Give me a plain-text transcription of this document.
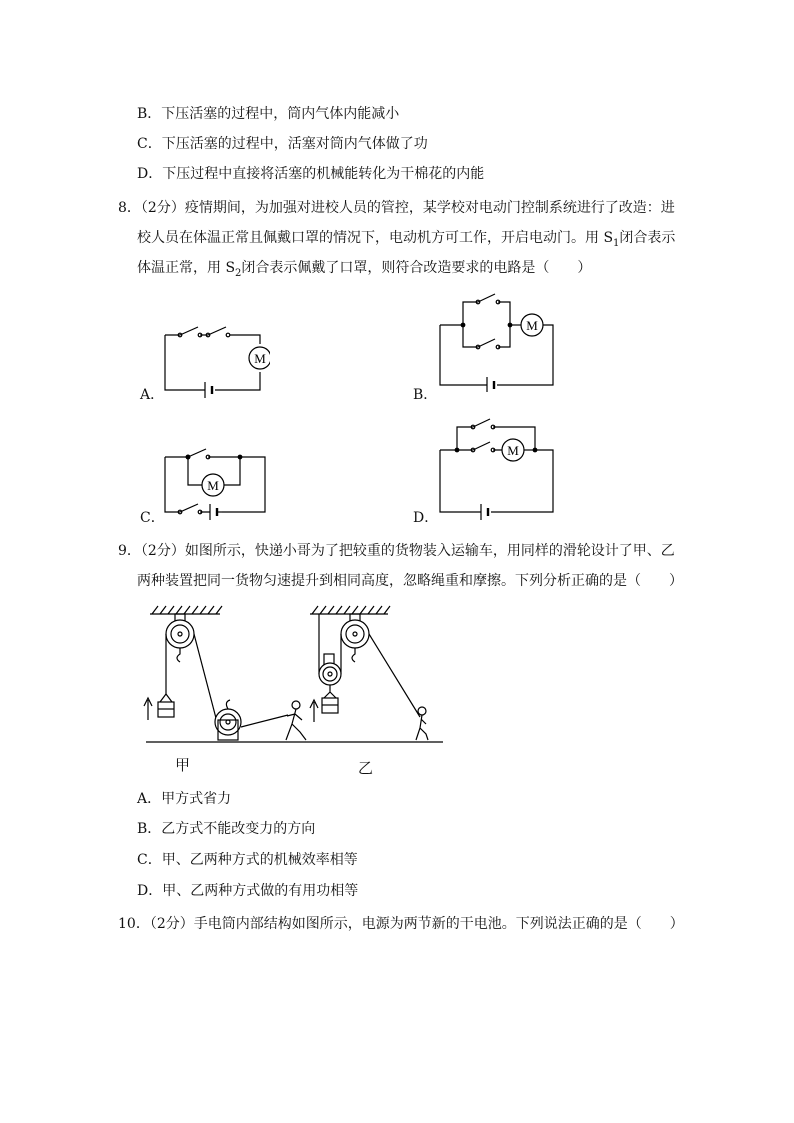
B．下压活塞的过程中，筒内气体内能减小
C．下压活塞的过程中，活塞对筒内气体做了功
D．下压过程中直接将活塞的机械能转化为干棉花的内能
8．（2分）疫情期间，为加强对进校人员的管控，某学校对电动门控制系统进行了改造：进
校人员在体温正常且佩戴口罩的情况下，电动机方可工作，开启电动门。用 $S_1$闭合表示
体温正常，用 $S_2$闭合表示佩戴了口罩，则符合改造要求的电路是（　　）
M
A．
M
B．
M
C．
M
D．
9．（2分）如图所示，快递小哥为了把较重的货物装入运输车，用同样的滑轮设计了甲、乙
两种装置把同一货物匀速提升到相同高度，忽略绳重和摩擦。下列分析正确的是（　　）
甲	乙
A．甲方式省力
B．乙方式不能改变力的方向
C．甲、乙两种方式的机械效率相等
D．甲、乙两种方式做的有用功相等
10．（2分）手电筒内部结构如图所示，电源为两节新的干电池。下列说法正确的是（　　）
